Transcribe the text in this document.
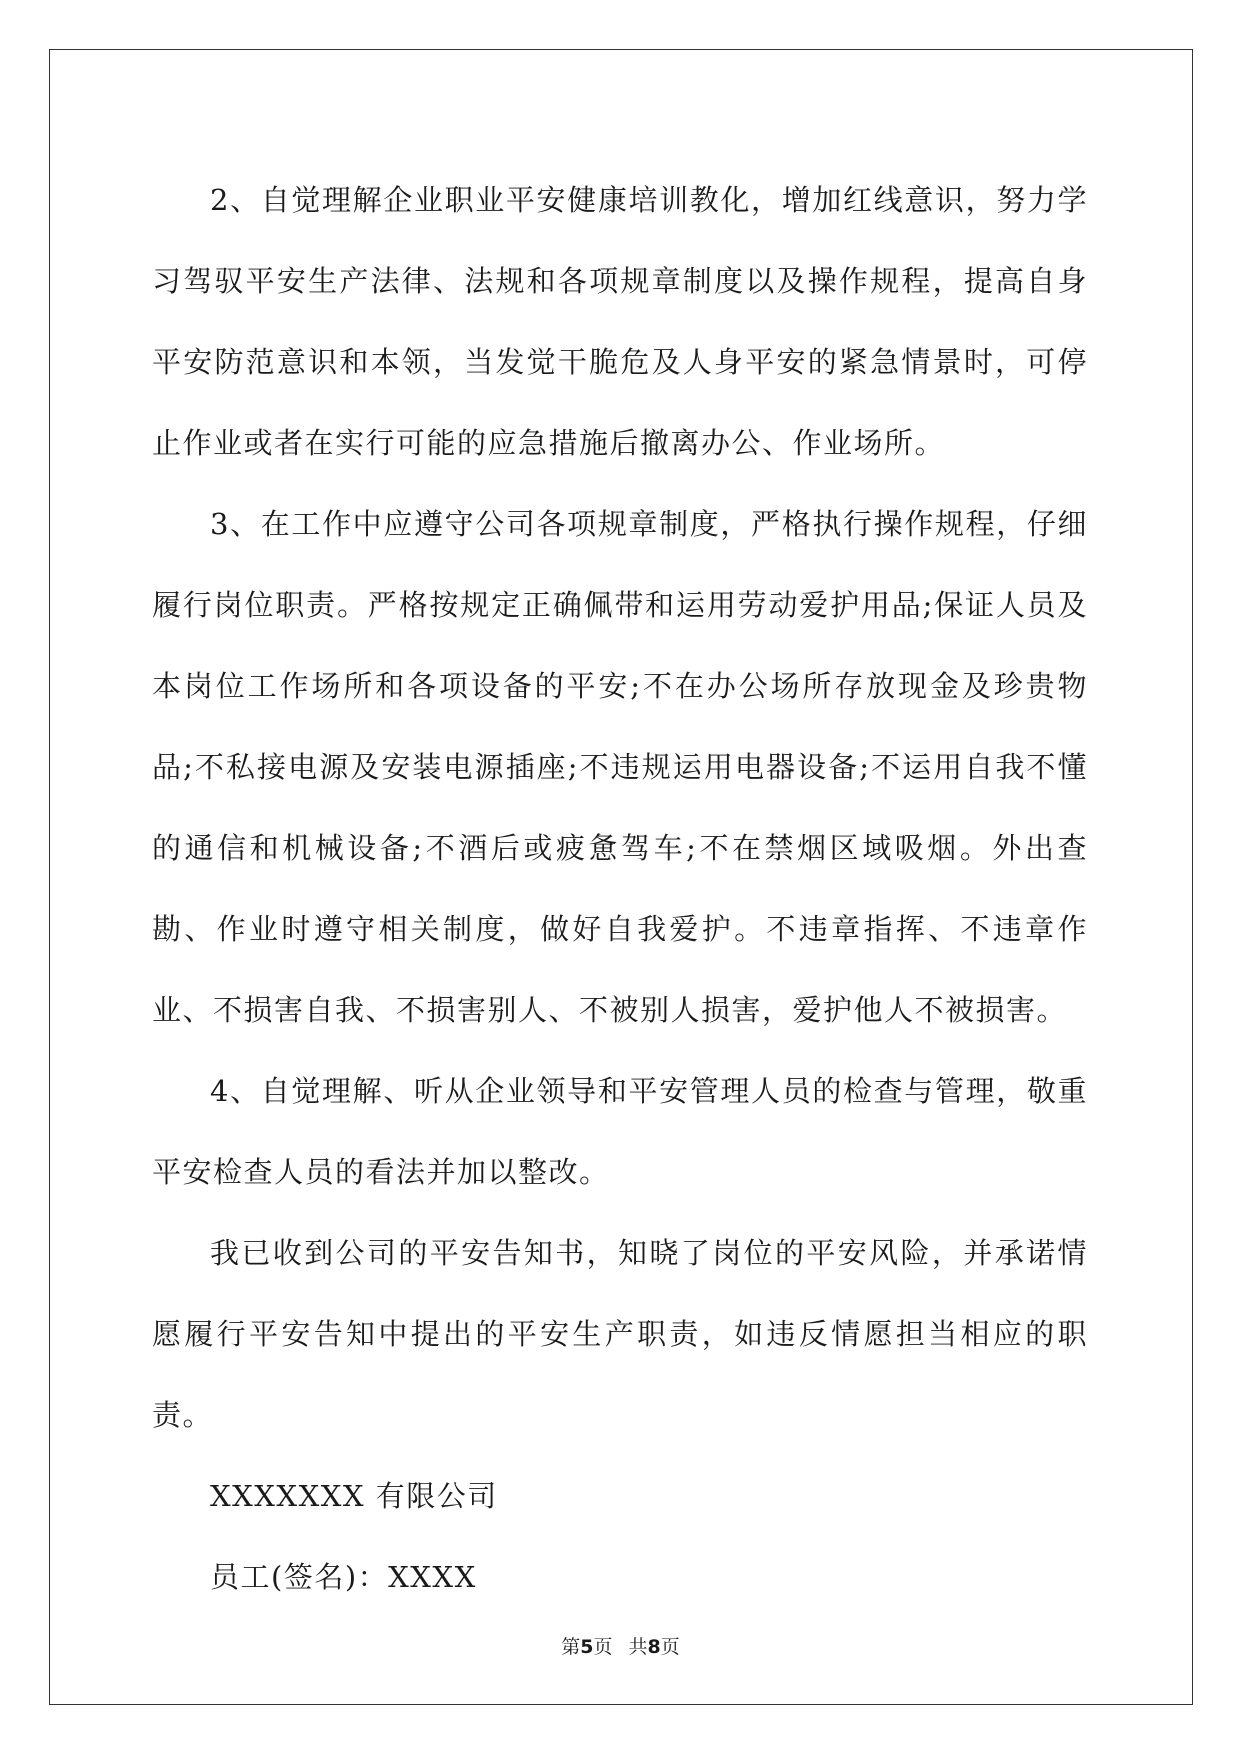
2、自觉理解企业职业平安健康培训教化，增加红线意识，努力学习驾驭平安生产法律、法规和各项规章制度以及操作规程，提高自身平安防范意识和本领，当发觉干脆危及人身平安的紧急情景时，可停止作业或者在实行可能的应急措施后撤离办公、作业场所。

3、在工作中应遵守公司各项规章制度，严格执行操作规程，仔细履行岗位职责。严格按规定正确佩带和运用劳动爱护用品;保证人员及本岗位工作场所和各项设备的平安;不在办公场所存放现金及珍贵物品;不私接电源及安装电源插座;不违规运用电器设备;不运用自我不懂的通信和机械设备;不酒后或疲惫驾车;不在禁烟区域吸烟。外出查勘、作业时遵守相关制度，做好自我爱护。不违章指挥、不违章作业、不损害自我、不损害别人、不被别人损害，爱护他人不被损害。

4、自觉理解、听从企业领导和平安管理人员的检查与管理，敬重平安检查人员的看法并加以整改。

我已收到公司的平安告知书，知晓了岗位的平安风险，并承诺情愿履行平安告知中提出的平安生产职责，如违反情愿担当相应的职责。

XXXXXXX 有限公司

员工(签名)：XXXX

第5页 共8页
